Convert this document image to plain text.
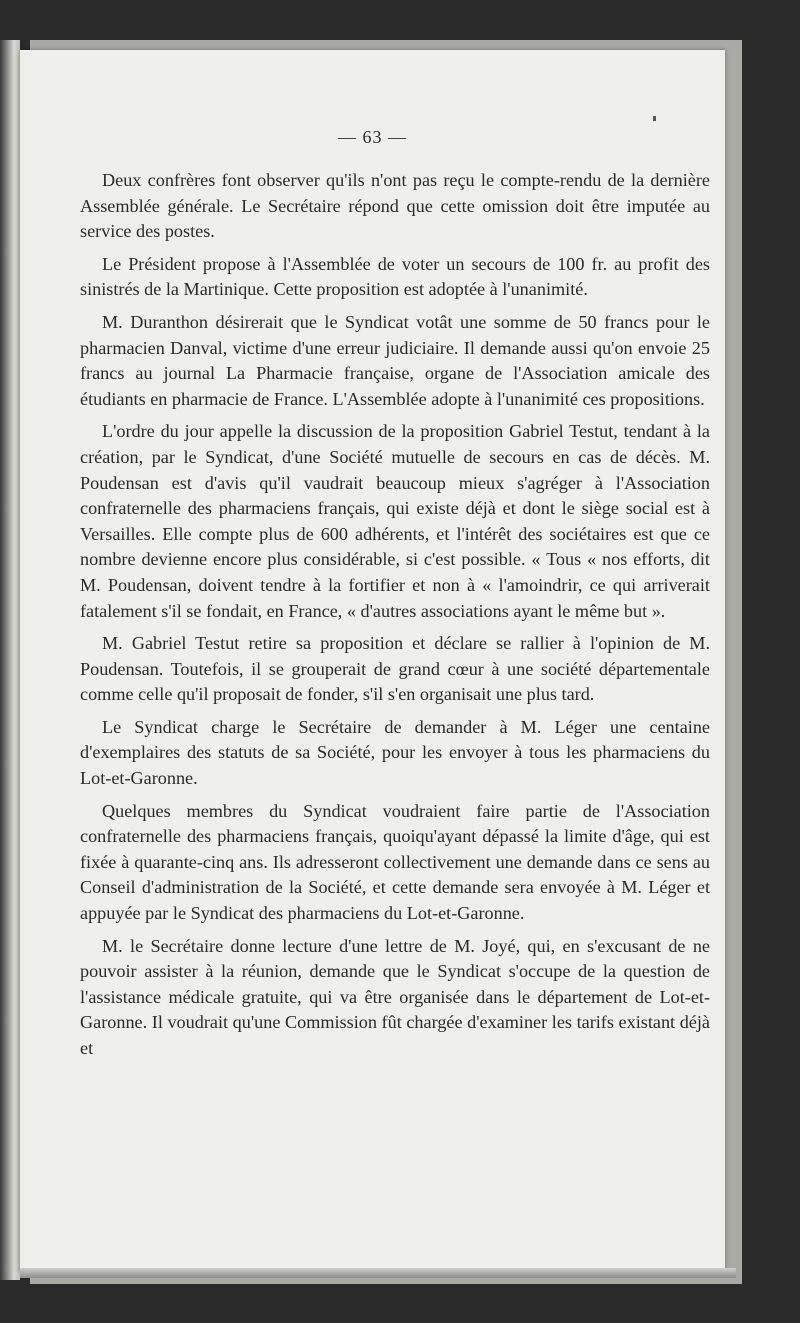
— 63 —

Deux confrères font observer qu'ils n'ont pas reçu le compte-rendu de la dernière Assemblée générale. Le Secrétaire répond que cette omission doit être imputée au service des postes.

Le Président propose à l'Assemblée de voter un secours de 100 fr. au profit des sinistrés de la Martinique. Cette proposition est adoptée à l'unanimité.

M. Duranthon désirerait que le Syndicat votât une somme de 50 francs pour le pharmacien Danval, victime d'une erreur judiciaire. Il demande aussi qu'on envoie 25 francs au journal La Pharmacie française, organe de l'Association amicale des étudiants en pharmacie de France. L'Assemblée adopte à l'unanimité ces propositions.

L'ordre du jour appelle la discussion de la proposition Gabriel Testut, tendant à la création, par le Syndicat, d'une Société mutuelle de secours en cas de décès. M. Poudensan est d'avis qu'il vaudrait beaucoup mieux s'agréger à l'Association confraternelle des pharmaciens français, qui existe déjà et dont le siège social est à Versailles. Elle compte plus de 600 adhérents, et l'intérêt des sociétaires est que ce nombre devienne encore plus considérable, si c'est possible. « Tous « nos efforts, dit M. Poudensan, doivent tendre à la fortifier et non à « l'amoindrir, ce qui arriverait fatalement s'il se fondait, en France, « d'autres associations ayant le même but ».

M. Gabriel Testut retire sa proposition et déclare se rallier à l'opinion de M. Poudensan. Toutefois, il se grouperait de grand cœur à une société départementale comme celle qu'il proposait de fonder, s'il s'en organisait une plus tard.

Le Syndicat charge le Secrétaire de demander à M. Léger une centaine d'exemplaires des statuts de sa Société, pour les envoyer à tous les pharmaciens du Lot-et-Garonne.

Quelques membres du Syndicat voudraient faire partie de l'Association confraternelle des pharmaciens français, quoiqu'ayant dépassé la limite d'âge, qui est fixée à quarante-cinq ans. Ils adresseront collectivement une demande dans ce sens au Conseil d'administration de la Société, et cette demande sera envoyée à M. Léger et appuyée par le Syndicat des pharmaciens du Lot-et-Garonne.

M. le Secrétaire donne lecture d'une lettre de M. Joyé, qui, en s'excusant de ne pouvoir assister à la réunion, demande que le Syndicat s'occupe de la question de l'assistance médicale gratuite, qui va être organisée dans le département de Lot-et-Garonne. Il voudrait qu'une Commission fût chargée d'examiner les tarifs existant déjà et
